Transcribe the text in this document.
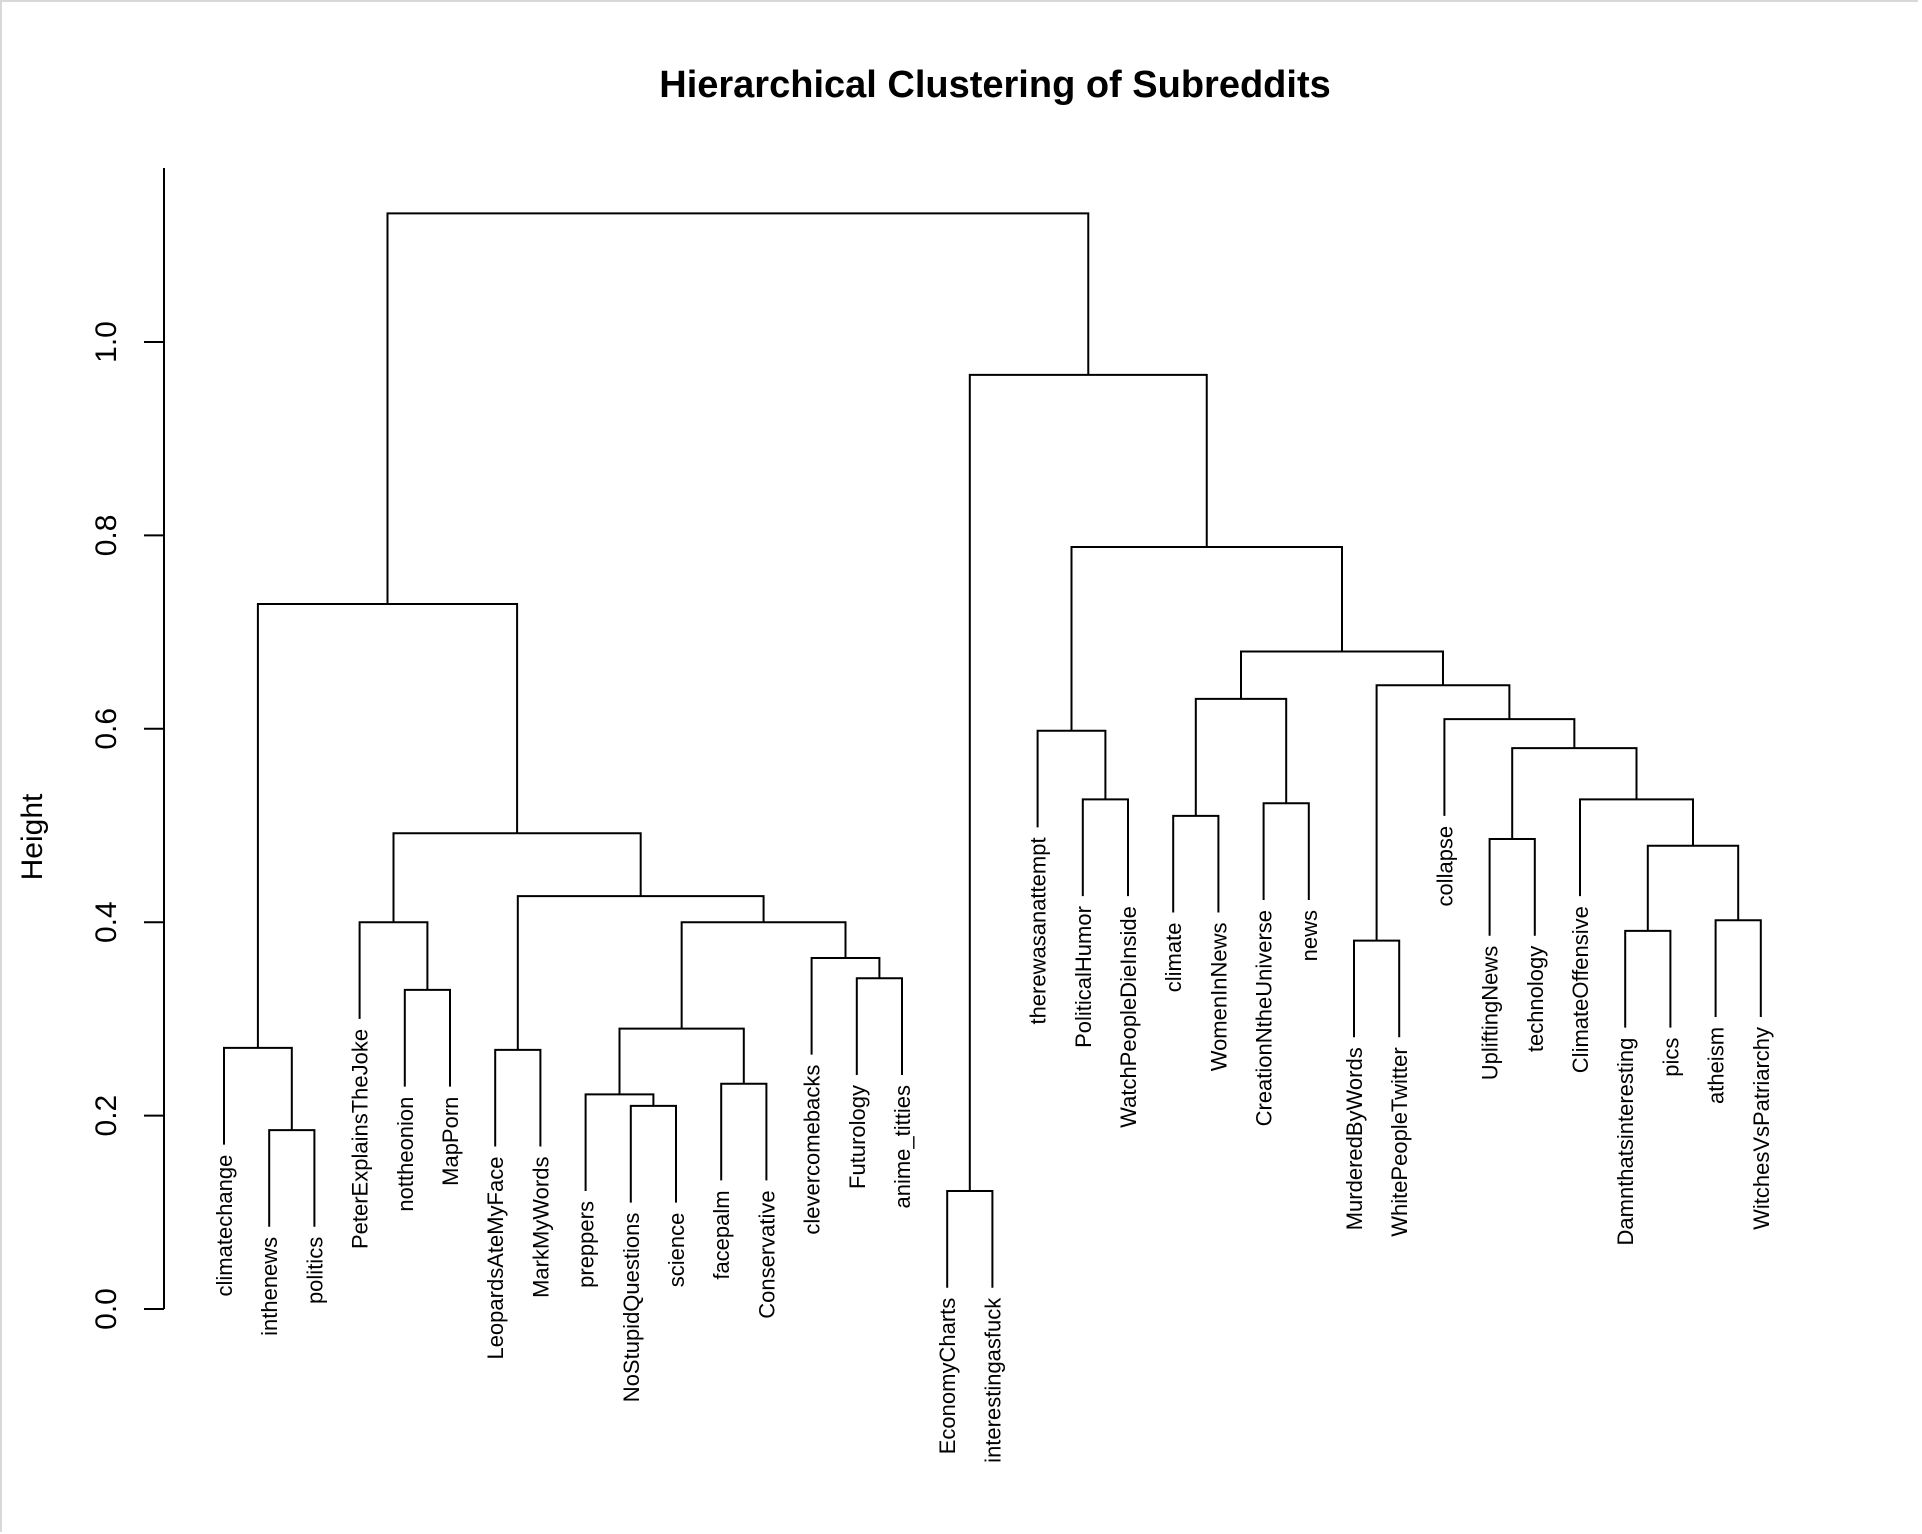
Hierarchical Clustering of Subreddits
Height
0.0
0.2
0.4
0.6
0.8
1.0
climatechange inthenews politics
PeterExplainsTheJoke nottheonion MapPorn
LeopardsAteMyFace MarkMyWords preppers NoStupidQuestions science facepalm Conservative
clevercomebacks Futurology anime_titties
EconomyCharts interestingasfuck
therewasanattempt PoliticalHumor WatchPeopleDieInside climate WomenInNews CreationNtheUniverse news
MurderedByWords WhitePeopleTwitter
collapse
UpliftingNews technology ClimateOffensive
Damnthatsinteresting pics atheism WitchesVsPatriarchy
